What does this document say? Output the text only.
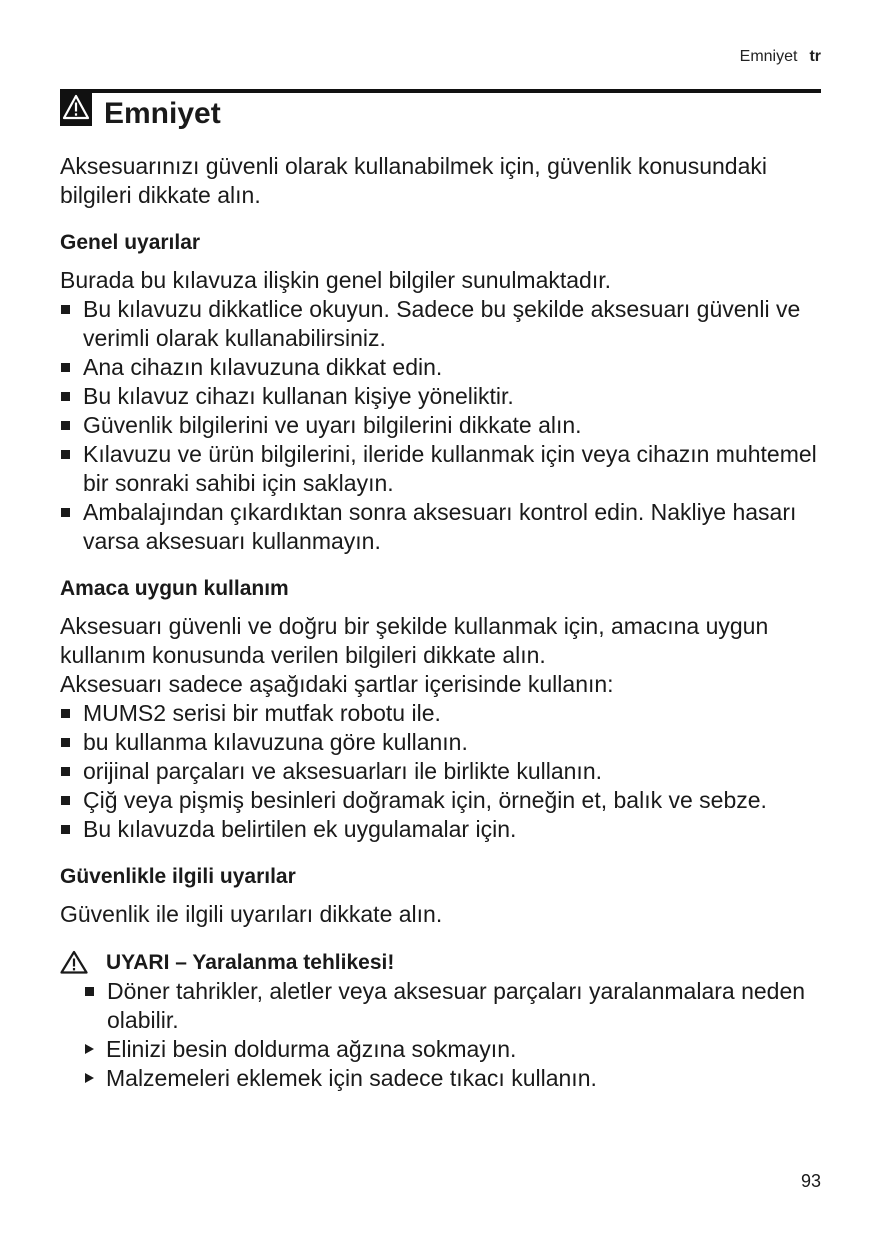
Emniyet tr
Emniyet

Aksesuarınızı güvenli olarak kullanabilmek için, güvenlik konusundaki bilgileri dikkate alın.

Genel uyarılar

Burada bu kılavuza ilişkin genel bilgiler sunulmaktadır.

Bu kılavuzu dikkatlice okuyun. Sadece bu şekilde aksesuarı güvenli ve verimli olarak kullanabilirsiniz.
Ana cihazın kılavuzuna dikkat edin.
Bu kılavuz cihazı kullanan kişiye yöneliktir.
Güvenlik bilgilerini ve uyarı bilgilerini dikkate alın.
Kılavuzu ve ürün bilgilerini, ileride kullanmak için veya cihazın muhtemel bir sonraki sahibi için saklayın.
Ambalajından çıkardıktan sonra aksesuarı kontrol edin. Nakliye hasarı varsa aksesuarı kullanmayın.
Amaca uygun kullanım

Aksesuarı güvenli ve doğru bir şekilde kullanmak için, amacına uygun kullanım konusunda verilen bilgileri dikkate alın.

Aksesuarı sadece aşağıdaki şartlar içerisinde kullanın:

MUMS2 serisi bir mutfak robotu ile.
bu kullanma kılavuzuna göre kullanın.
orijinal parçaları ve aksesuarları ile birlikte kullanın.
Çiğ veya pişmiş besinleri doğramak için, örneğin et, balık ve sebze.
Bu kılavuzda belirtilen ek uygulamalar için.
Güvenlikle ilgili uyarılar

Güvenlik ile ilgili uyarıları dikkate alın.

UYARI – Yaralanma tehlikesi!
Döner tahrikler, aletler veya aksesuar parçaları yaralanmalara neden olabilir.
Elinizi besin doldurma ağzına sokmayın.
Malzemeleri eklemek için sadece tıkacı kullanın.
93
